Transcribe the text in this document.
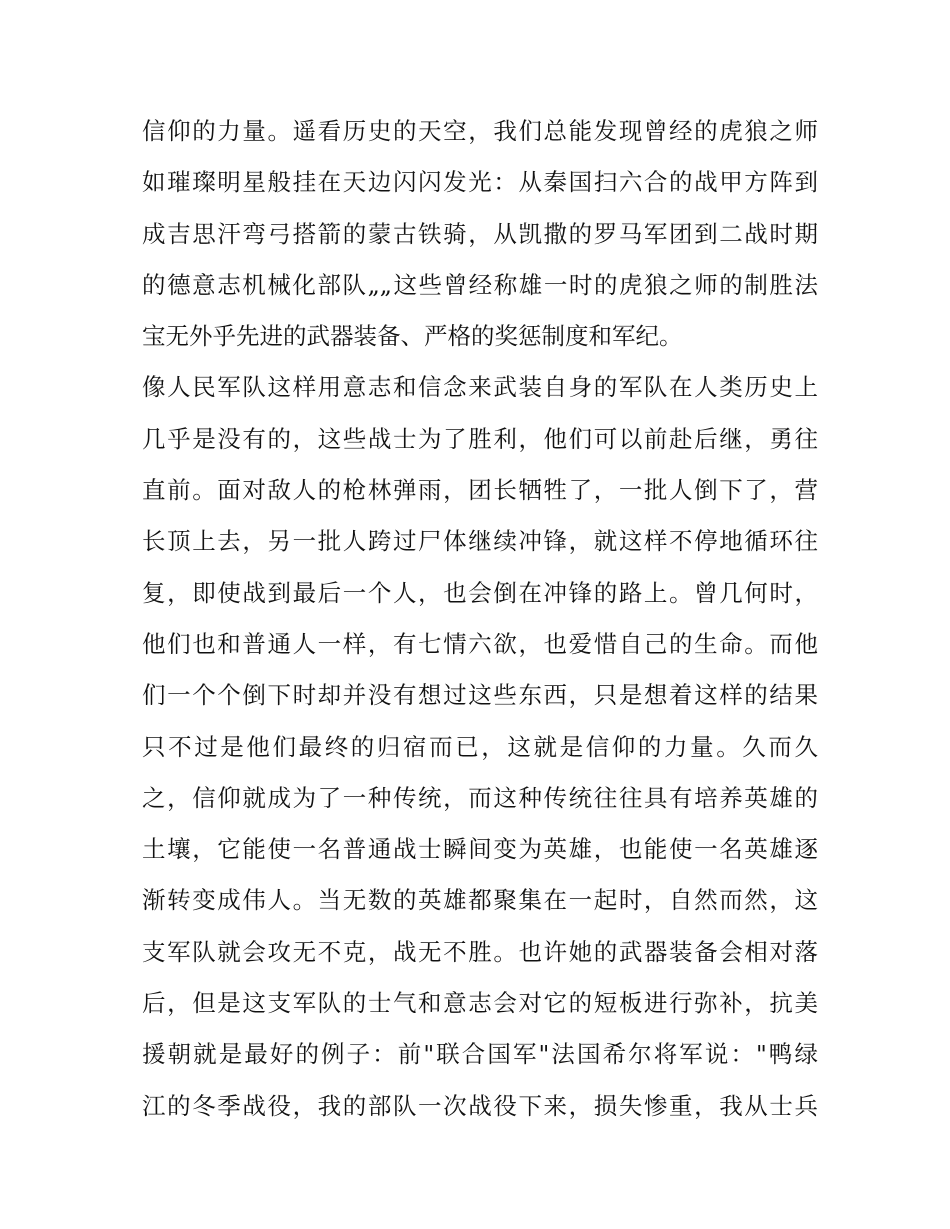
信仰的力量。遥看历史的天空，我们总能发现曾经的虎狼之师
如璀璨明星般挂在天边闪闪发光：从秦国扫六合的战甲方阵到
成吉思汗弯弓搭箭的蒙古铁骑，从凯撒的罗马军团到二战时期
的德意志机械化部队„„这些曾经称雄一时的虎狼之师的制胜法
宝无外乎先进的武器装备、严格的奖惩制度和军纪。
像人民军队这样用意志和信念来武装自身的军队在人类历史上
几乎是没有的，这些战士为了胜利，他们可以前赴后继，勇往
直前。面对敌人的枪林弹雨，团长牺牲了，一批人倒下了，营
长顶上去，另一批人跨过尸体继续冲锋，就这样不停地循环往
复，即使战到最后一个人，也会倒在冲锋的路上。曾几何时，
他们也和普通人一样，有七情六欲，也爱惜自己的生命。而他
们一个个倒下时却并没有想过这些东西，只是想着这样的结果
只不过是他们最终的归宿而已，这就是信仰的力量。久而久
之，信仰就成为了一种传统，而这种传统往往具有培养英雄的
土壤，它能使一名普通战士瞬间变为英雄，也能使一名英雄逐
渐转变成伟人。当无数的英雄都聚集在一起时，自然而然，这
支军队就会攻无不克，战无不胜。也许她的武器装备会相对落
后，但是这支军队的士气和意志会对它的短板进行弥补，抗美
援朝就是最好的例子：前"联合国军"法国希尔将军说："鸭绿
江的冬季战役，我的部队一次战役下来，损失惨重，我从士兵
